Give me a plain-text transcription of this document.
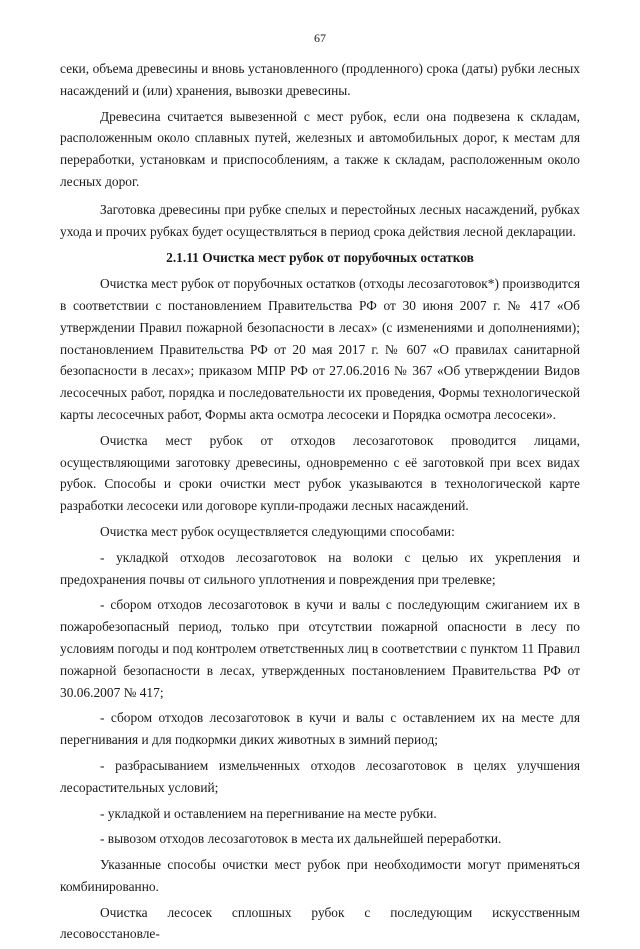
67

секи, объема древесины и вновь установленного (продленного) срока (даты) рубки лесных насаждений и (или) хранения, вывозки древесины.

Древесина считается вывезенной с мест рубок, если она подвезена к складам, расположенным около сплавных путей, железных и автомобильных дорог, к местам для переработки, установкам и приспособлениям, а также к складам, расположенным около лесных дорог.

Заготовка древесины при рубке спелых и перестойных лесных насаждений, рубках ухода и прочих рубках будет осуществляться в период срока действия лесной декларации.

2.1.11 Очистка мест рубок от порубочных остатков

Очистка мест рубок от порубочных остатков (отходы лесозаготовок*) производится в соответствии с постановлением Правительства РФ от 30 июня 2007 г. № 417 «Об утверждении Правил пожарной безопасности в лесах» (с изменениями и дополнениями); постановлением Правительства РФ от 20 мая 2017 г. № 607 «О правилах санитарной безопасности в лесах»; приказом МПР РФ от 27.06.2016 № 367 «Об утверждении Видов лесосечных работ, порядка и последовательности их проведения, Формы технологической карты лесосечных работ, Формы акта осмотра лесосеки и Порядка осмотра лесосеки».

Очистка мест рубок от отходов лесозаготовок проводится лицами, осуществляющими заготовку древесины, одновременно с её заготовкой при всех видах рубок. Способы и сроки очистки мест рубок указываются в технологической карте разработки лесосеки или договоре купли-продажи лесных насаждений.

Очистка мест рубок осуществляется следующими способами:

- укладкой отходов лесозаготовок на волоки с целью их укрепления и предохранения почвы от сильного уплотнения и повреждения при трелевке;

- сбором отходов лесозаготовок в кучи и валы с последующим сжиганием их в пожаробезопасный период, только при отсутствии пожарной опасности в лесу по условиям погоды и под контролем ответственных лиц в соответствии с пунктом 11 Правил пожарной безопасности в лесах, утвержденных постановлением Правительства РФ от 30.06.2007 № 417;

- сбором отходов лесозаготовок в кучи и валы с оставлением их на месте для перегнивания и для подкормки диких животных в зимний период;

- разбрасыванием измельченных отходов лесозаготовок в целях улучшения лесорастительных условий;

- укладкой и оставлением на перегнивание на месте рубки.

- вывозом отходов лесозаготовок в места их дальнейшей переработки.

Указанные способы очистки мест рубок при необходимости могут применяться комбинированно.

Очистка лесосек сплошных рубок с последующим искусственным лесовосстановле-
